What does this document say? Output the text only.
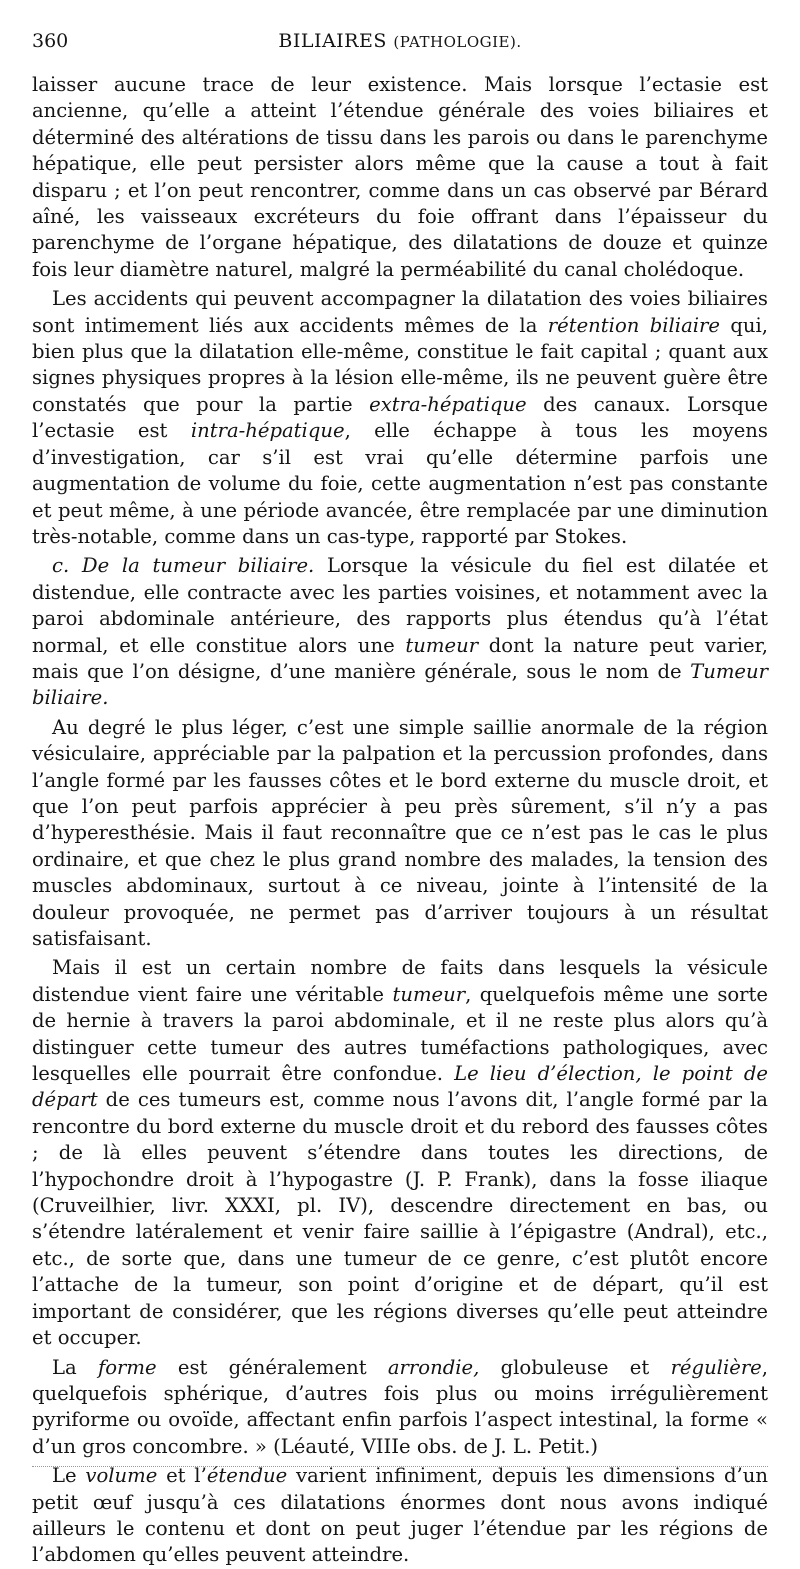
360	BILIAIRES (PATHOLOGIE).

laisser aucune trace de leur existence. Mais lorsque l’ectasie est ancienne, qu’elle a atteint l’étendue générale des voies biliaires et déterminé des altérations de tissu dans les parois ou dans le parenchyme hépatique, elle peut persister alors même que la cause a tout à fait disparu ; et l’on peut rencontrer, comme dans un cas observé par Bérard aîné, les vaisseaux excréteurs du foie offrant dans l’épaisseur du parenchyme de l’organe hépatique, des dilatations de douze et quinze fois leur diamètre naturel, malgré la perméabilité du canal cholédoque.

Les accidents qui peuvent accompagner la dilatation des voies biliaires sont intimement liés aux accidents mêmes de la rétention biliaire qui, bien plus que la dilatation elle-même, constitue le fait capital ; quant aux signes physiques propres à la lésion elle-même, ils ne peuvent guère être constatés que pour la partie extra-hépatique des canaux. Lorsque l’ectasie est intra-hépatique, elle échappe à tous les moyens d’investigation, car s’il est vrai qu’elle détermine parfois une augmentation de volume du foie, cette augmentation n’est pas constante et peut même, à une période avancée, être remplacée par une diminution très-notable, comme dans un cas-type, rapporté par Stokes.

c. De la tumeur biliaire. Lorsque la vésicule du fiel est dilatée et distendue, elle contracte avec les parties voisines, et notamment avec la paroi abdominale antérieure, des rapports plus étendus qu’à l’état normal, et elle constitue alors une tumeur dont la nature peut varier, mais que l’on désigne, d’une manière générale, sous le nom de Tumeur biliaire.

Au degré le plus léger, c’est une simple saillie anormale de la région vésiculaire, appréciable par la palpation et la percussion profondes, dans l’angle formé par les fausses côtes et le bord externe du muscle droit, et que l’on peut parfois apprécier à peu près sûrement, s’il n’y a pas d’hyperesthésie. Mais il faut reconnaître que ce n’est pas le cas le plus ordinaire, et que chez le plus grand nombre des malades, la tension des muscles abdominaux, surtout à ce niveau, jointe à l’intensité de la douleur provoquée, ne permet pas d’arriver toujours à un résultat satisfaisant.

Mais il est un certain nombre de faits dans lesquels la vésicule distendue vient faire une véritable tumeur, quelquefois même une sorte de hernie à travers la paroi abdominale, et il ne reste plus alors qu’à distinguer cette tumeur des autres tuméfactions pathologiques, avec lesquelles elle pourrait être confondue. Le lieu d’élection, le point de départ de ces tumeurs est, comme nous l’avons dit, l’angle formé par la rencontre du bord externe du muscle droit et du rebord des fausses côtes ; de là elles peuvent s’étendre dans toutes les directions, de l’hypochondre droit à l’hypogastre (J. P. Frank), dans la fosse iliaque (Cruveilhier, livr. XXXI, pl. IV), descendre directement en bas, ou s’étendre latéralement et venir faire saillie à l’épigastre (Andral), etc., etc., de sorte que, dans une tumeur de ce genre, c’est plutôt encore l’attache de la tumeur, son point d’origine et de départ, qu’il est important de considérer, que les régions diverses qu’elle peut atteindre et occuper.

La forme est généralement arrondie, globuleuse et régulière, quelquefois sphérique, d’autres fois plus ou moins irrégulièrement pyriforme ou ovoïde, affectant enfin parfois l’aspect intestinal, la forme « d’un gros concombre. » (Léauté, VIIIe obs. de J. L. Petit.)

Le volume et l’étendue varient infiniment, depuis les dimensions d’un petit œuf jusqu’à ces dilatations énormes dont nous avons indiqué ailleurs le contenu et dont on peut juger l’étendue par les régions de l’abdomen qu’elles peuvent atteindre.
